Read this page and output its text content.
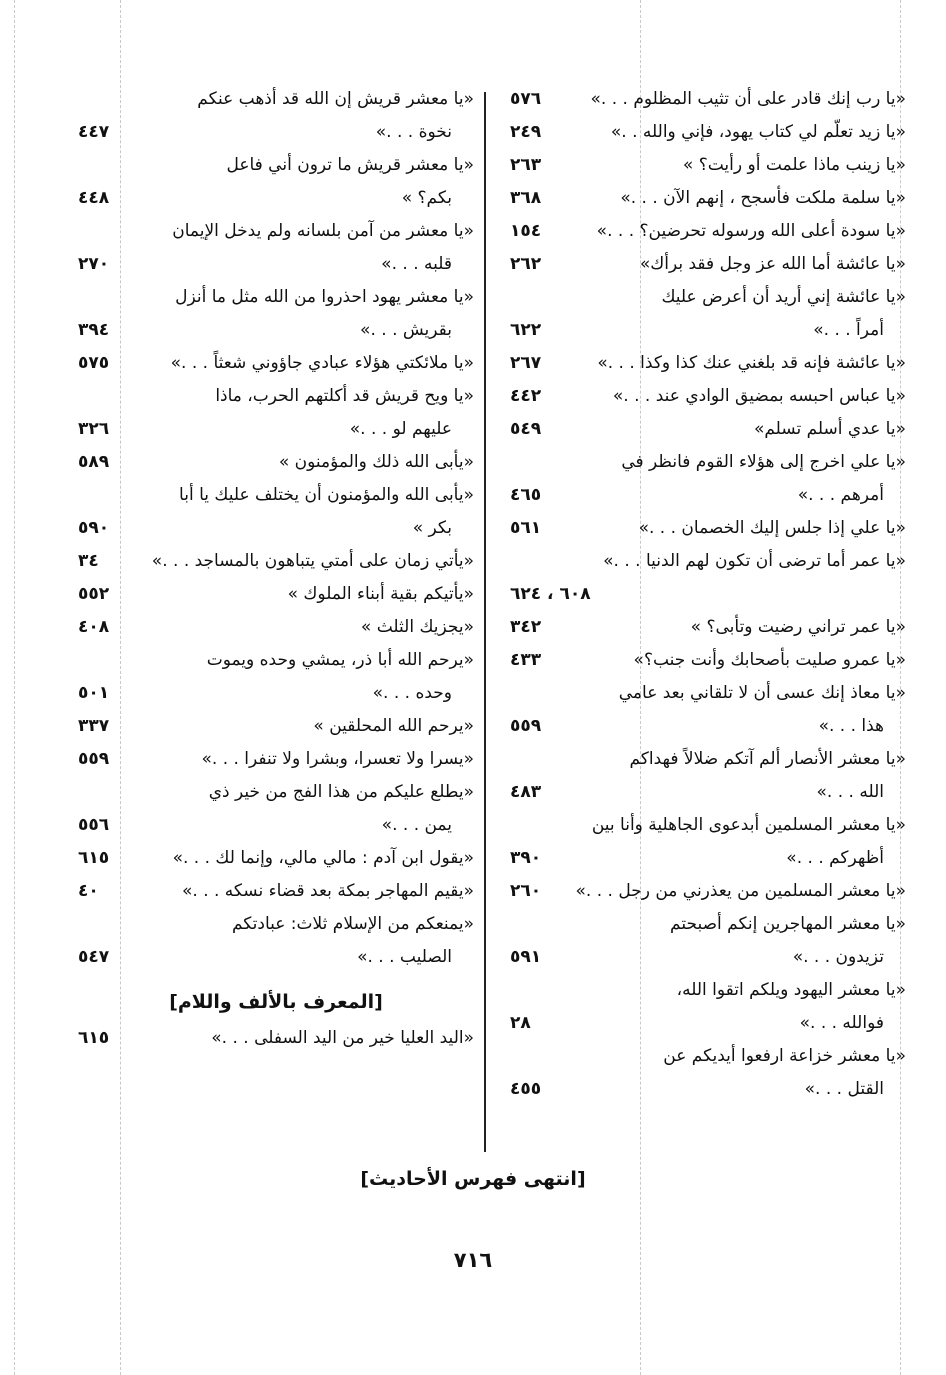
«يا رب إنك قادر على أن تثيب المظلوم . . .»
٥٧٦
«يا زيد تعلّم لي كتاب يهود، فإني والله . .»
٢٤٩
«يا زينب ماذا علمت أو رأيت؟ »
٢٦٣
«يا سلمة ملكت فأسجح ، إنهم الآن . . .»
٣٦٨
«يا سودة أعلى الله ورسوله تحرضين؟ . . .»
١٥٤
«يا عائشة أما الله عز وجل فقد برأك»
٢٦٢
«يا عائشة إني أريد أن أعرض عليك
أمراً . . .»
٦٢٢
«يا عائشة فإنه قد بلغني عنك كذا وكذا . . .»
٢٦٧
«يا عباس احبسه بمضيق الوادي عند . . .»
٤٤٢
«يا عدي أسلم تسلم»
٥٤٩
«يا علي اخرج إلى هؤلاء القوم فانظر في
أمرهم . . .»
٤٦٥
«يا علي إذا جلس إليك الخصمان . . .»
٥٦١
«يا عمر أما ترضى أن تكون لهم الدنيا . . .»
٦٠٨ ، ٦٢٤
«يا عمر تراني رضيت وتأبى؟ »
٣٤٢
«يا عمرو صليت بأصحابك وأنت جنب؟»
٤٣٣
«يا معاذ إنك عسى أن لا تلقاني بعد عامي
هذا . . .»
٥٥٩
«يا معشر الأنصار ألم آتكم ضلالاً فهداكم
الله . . .»
٤٨٣
«يا معشر المسلمين أبدعوى الجاهلية وأنا بين
أظهركم . . .»
٣٩٠
«يا معشر المسلمين من يعذرني من رجل . . .»
٢٦٠
«يا معشر المهاجرين إنكم أصبحتم
تزيدون . . .»
٥٩١
«يا معشر اليهود ويلكم اتقوا الله،
فوالله . . .»
٢٨
«يا معشر خزاعة ارفعوا أيديكم عن
القتل . . .»
٤٥٥
«يا معشر قريش إن الله قد أذهب عنكم
نخوة . . .»
٤٤٧
«يا معشر قريش ما ترون أني فاعل
بكم؟ »
٤٤٨
«يا معشر من آمن بلسانه ولم يدخل الإيمان
قلبه . . .»
٢٧٠
«يا معشر يهود احذروا من الله مثل ما أنزل
بقريش . . .»
٣٩٤
«يا ملائكتي هؤلاء عبادي جاؤوني شعثاً . . .»
٥٧٥
«يا ويح قريش قد أكلتهم الحرب، ماذا
عليهم لو . . .»
٣٢٦
«يأبى الله ذلك والمؤمنون »
٥٨٩
«يأبى الله والمؤمنون أن يختلف عليك يا أبا
بكر »
٥٩٠
«يأتي زمان على أمتي يتباهون بالمساجد . . .»
٣٤
«يأتيكم بقية أبناء الملوك »
٥٥٢
«يجزيك الثلث »
٤٠٨
«يرحم الله أبا ذر، يمشي وحده ويموت
وحده . . .»
٥٠١
«يرحم الله المحلقين »
٣٣٧
«يسرا ولا تعسرا، وبشرا ولا تنفرا . . .»
٥٥٩
«يطلع عليكم من هذا الفج من خير ذي
يمن . . .»
٥٥٦
«يقول ابن آدم : مالي مالي، وإنما لك . . .»
٦١٥
«يقيم المهاجر بمكة بعد قضاء نسكه . . .»
٤٠
«يمنعكم من الإسلام ثلاث: عبادتكم
الصليب . . .»
٥٤٧
[المعرف بالألف واللام]
«اليد العليا خير من اليد السفلى . . .»
٦١٥
[انتهى فهرس الأحاديث]
٧١٦
